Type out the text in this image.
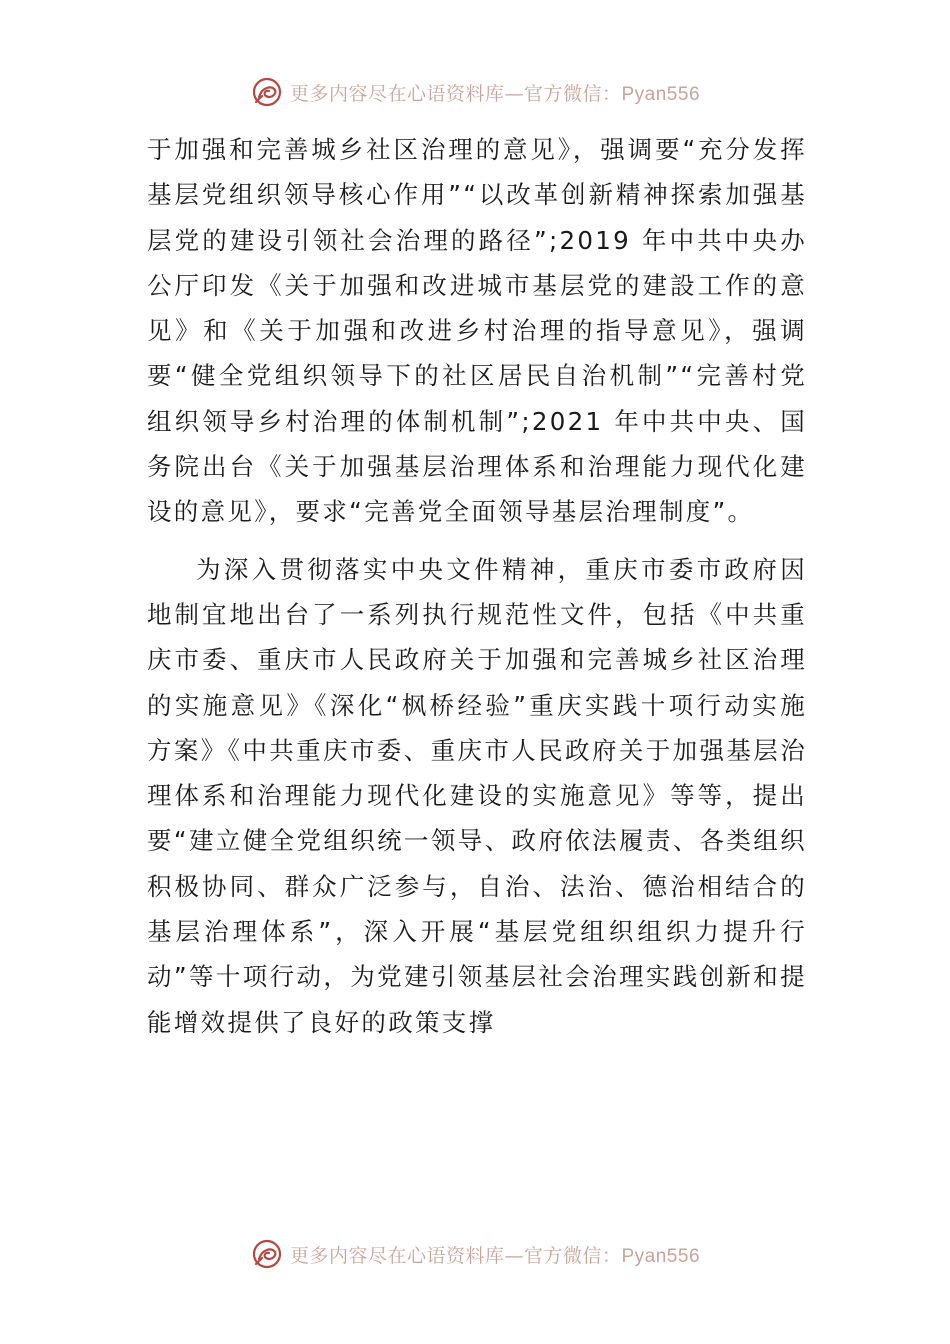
更多内容尽在心语资料库—官方微信：Pyan556

于加强和完善城乡社区治理的意见》，强调要“充分发挥基层党组织领导核心作用”“以改革创新精神探索加强基层党的建设引领社会治理的路径”;2019 年中共中央办公厅印发《关于加强和改进城市基层党的建設工作的意见》和《关于加强和改进乡村治理的指导意见》，强调要“健全党组织领导下的社区居民自治机制”“完善村党组织领导乡村治理的体制机制”;2021 年中共中央、国务院出台《关于加强基层治理体系和治理能力现代化建设的意见》，要求“完善党全面领导基层治理制度”。

为深入贯彻落实中央文件精神，重庆市委市政府因地制宜地出台了一系列执行规范性文件，包括《中共重庆市委、重庆市人民政府关于加强和完善城乡社区治理的实施意见》《深化“枫桥经验”重庆实践十项行动实施方案》《中共重庆市委、重庆市人民政府关于加强基层治理体系和治理能力现代化建设的实施意见》等等，提出要“建立健全党组织统一领导、政府依法履责、各类组织积极协同、群众广泛参与，自治、法治、德治相结合的基层治理体系”，深入开展“基层党组织组织力提升行动”等十项行动，为党建引领基层社会治理实践创新和提能增效提供了良好的政策支撑

更多内容尽在心语资料库—官方微信：Pyan556
